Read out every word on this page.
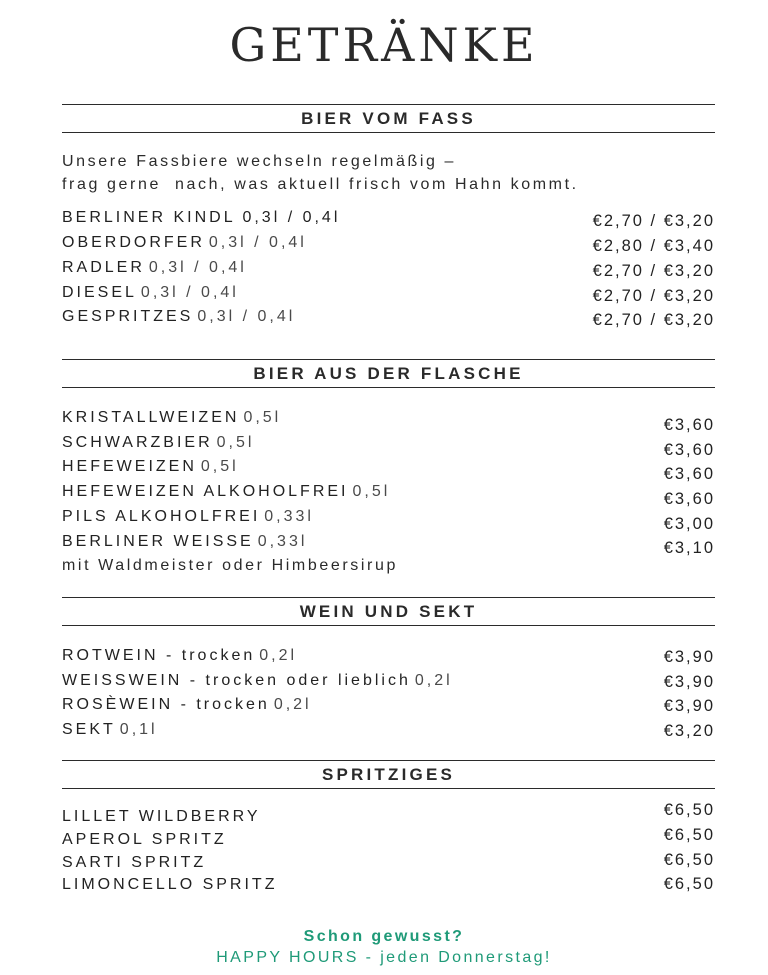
GETRÄNKE
BIER VOM FASS
Unsere Fassbiere wechseln regelmäßig –
frag gerne  nach, was aktuell frisch vom Hahn kommt.
BERLINER KINDL 0,3l / 0,4l	€2,70 / €3,20
OBERDORFER 0,3l / 0,4l	€2,80 / €3,40
RADLER 0,3l / 0,4l	€2,70 / €3,20
DIESEL 0,3l / 0,4l	€2,70 / €3,20
GESPRITZES 0,3l / 0,4l	€2,70 / €3,20
BIER AUS DER FLASCHE
KRISTALLWEIZEN 0,5l	€3,60
SCHWARZBIER 0,5l	€3,60
HEFEWEIZEN 0,5l	€3,60
HEFEWEIZEN ALKOHOLFREI 0,5l	€3,60
PILS ALKOHOLFREI 0,33l	€3,00
BERLINER WEISSE 0,33l	€3,10
mit Waldmeister oder Himbeersirup
WEIN UND SEKT
ROTWEIN - trocken 0,2l	€3,90
WEISSWEIN - trocken oder lieblich 0,2l	€3,90
ROSÈWEIN - trocken 0,2l	€3,90
SEKT 0,1l	€3,20
SPRITZIGES
LILLET WILDBERRY	€6,50
APEROL SPRITZ	€6,50
SARTI SPRITZ	€6,50
LIMONCELLO SPRITZ	€6,50
Schon gewusst?
HAPPY HOURS - jeden Donnerstag!
